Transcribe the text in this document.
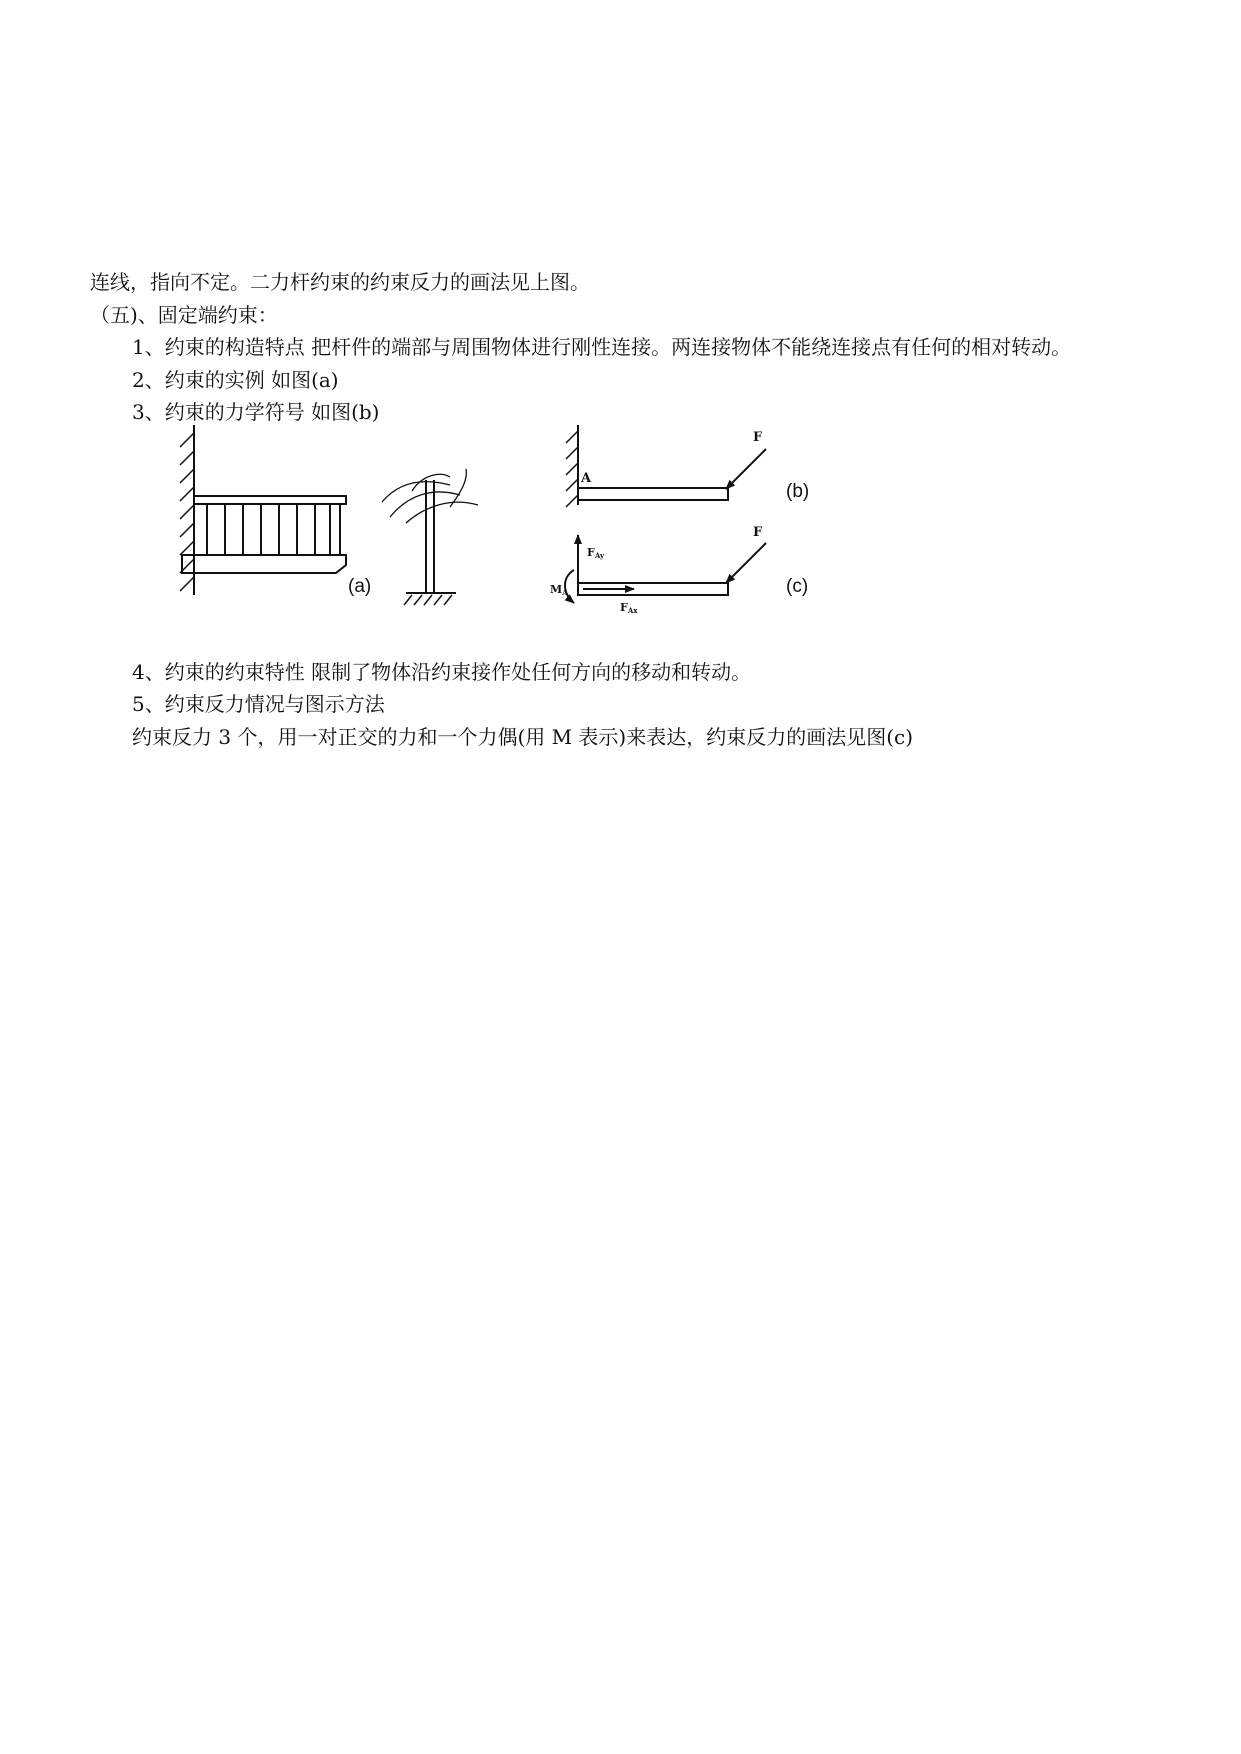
连线，指向不定。二力杆约束的约束反力的画法见上图。
（五)、固定端约束：
1、约束的构造特点 把杆件的端部与周围物体进行刚性连接。两连接物体不能绕连接点有任何的相对转动。
2、约束的实例 如图(a)
3、约束的力学符号 如图(b)
(a)
A
F
(b)
FAy
FAx
MA
F
(c)
4、约束的约束特性 限制了物体沿约束接作处任何方向的移动和转动。
5、约束反力情况与图示方法
约束反力 3 个，用一对正交的力和一个力偶(用 M 表示)来表达，约束反力的画法见图(c)
